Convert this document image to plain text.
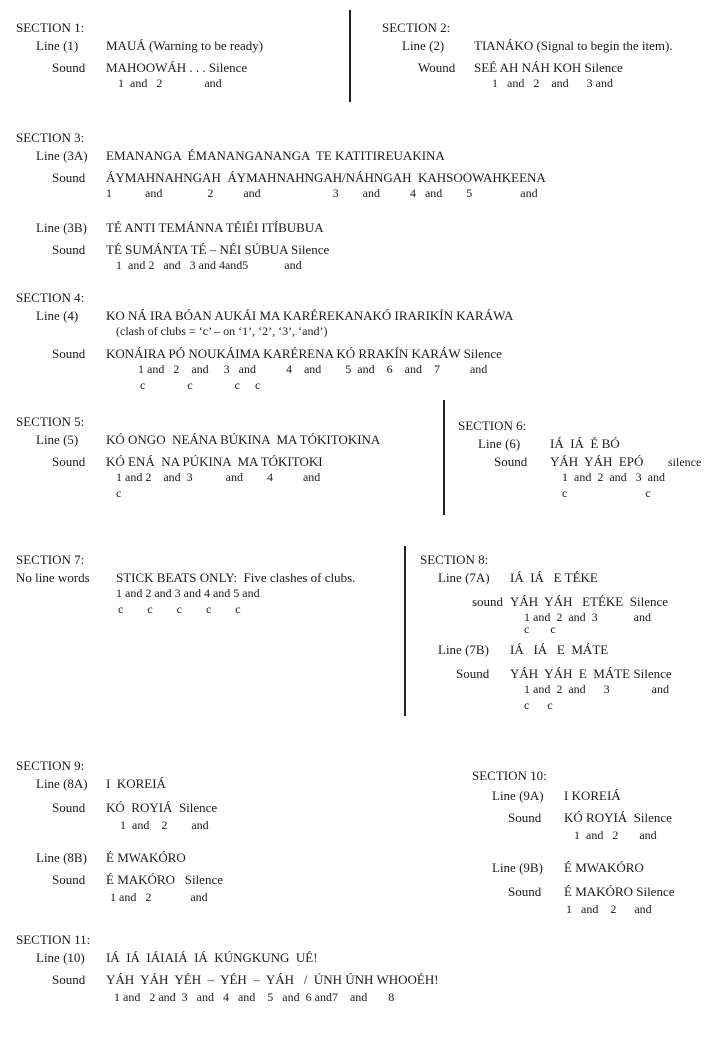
SECTION 1:
Line (1) MAUÁ (Warning to be ready)
Sound MAHOOWÁH . . . Silence
1  and   2              and
SECTION 2:
Line (2) TIANÁKO (Signal to begin the item).
Wound SEÉ AH NÁH KOH Silence
1   and   2    and      3 and
SECTION 3:
Line (3A) EMANANGA  ÉMANANGANANGA  TE KATITIREUAKINA
Sound ÁYMAHNAHNGAH  ÁYMAHNAHNGAH/NÁHNGAH  KAHSOOWAHKEENA
1           and               2          and                        3        and          4   and        5                and
Line (3B) TÉ ANTI TEMÁNNA TÉIÉI ITÍBUBUA
Sound TÉ SUMÁNTA TÉ – NÉI SÚBUA Silence
1  and 2   and   3 and 4and5            and
SECTION 4:
Line (4) KO NÁ IRA BÓAN AUKÁI MA KARÉREKANAKÓ IRARIKÍN KARÁWA
(clash of clubs = ‘c’ – on ‘1’, ‘2’, ‘3’, ‘and’)
Sound KONÁIRA PÓ NOUKÁIMA KARÉRENA KÓ RRAKÍN KARÁW Silence
1 and   2    and     3   and          4    and        5  and    6    and    7          and
c              c              c     c
SECTION 5:
Line (5) KÓ ONGO  NEÁNA BÚKINA  MA TÓKITOKINA
Sound KÓ ENÁ  NA PÚKINA  MA TÓKITOKI
1 and 2    and  3           and        4          and
c
SECTION 6:
Line (6) IÁ  IÁ  É BÓ
Sound YÁH  YÁH  EPÓ silence
1  and  2  and   3  and
c                          c
SECTION 7:
No line words STICK BEATS ONLY:  Five clashes of clubs.
1 and 2 and 3 and 4 and 5 and
c        c        c        c        c
SECTION 8:
Line (7A) IÁ  IÁ   E TÉKE
sound YÁH  YÁH   ETÉKE  Silence
1 and  2  and  3            and
c       c
Line (7B) IÁ   IÁ   E  MÁTE
Sound YÁH  YÁH  E  MÁTE Silence
1 and  2  and      3              and
c      c
SECTION 9:
Line (8A) I  KOREIÁ
Sound KÓ  ROYIÁ  Silence
1  and    2        and
Line (8B) É MWAKÓRO
Sound É MAKÓRO   Silence
1 and   2             and
SECTION 10:
Line (9A) I KOREIÁ
Sound KÓ ROYIÁ  Silence
1  and   2       and
Line (9B) É MWAKÓRO
Sound É MAKÓRO Silence
1   and    2      and
SECTION 11:
Line (10) IÁ  IÁ  IÁIAIÁ  IÁ  KÚNGKUNG  UÉ!
Sound YÁH  YÁH  YÉH  –  YÉH  –  YÁH   /  ÚNH ÚNH WHOOÉH!
1 and   2 and  3   and   4   and    5   and  6 and7    and       8
